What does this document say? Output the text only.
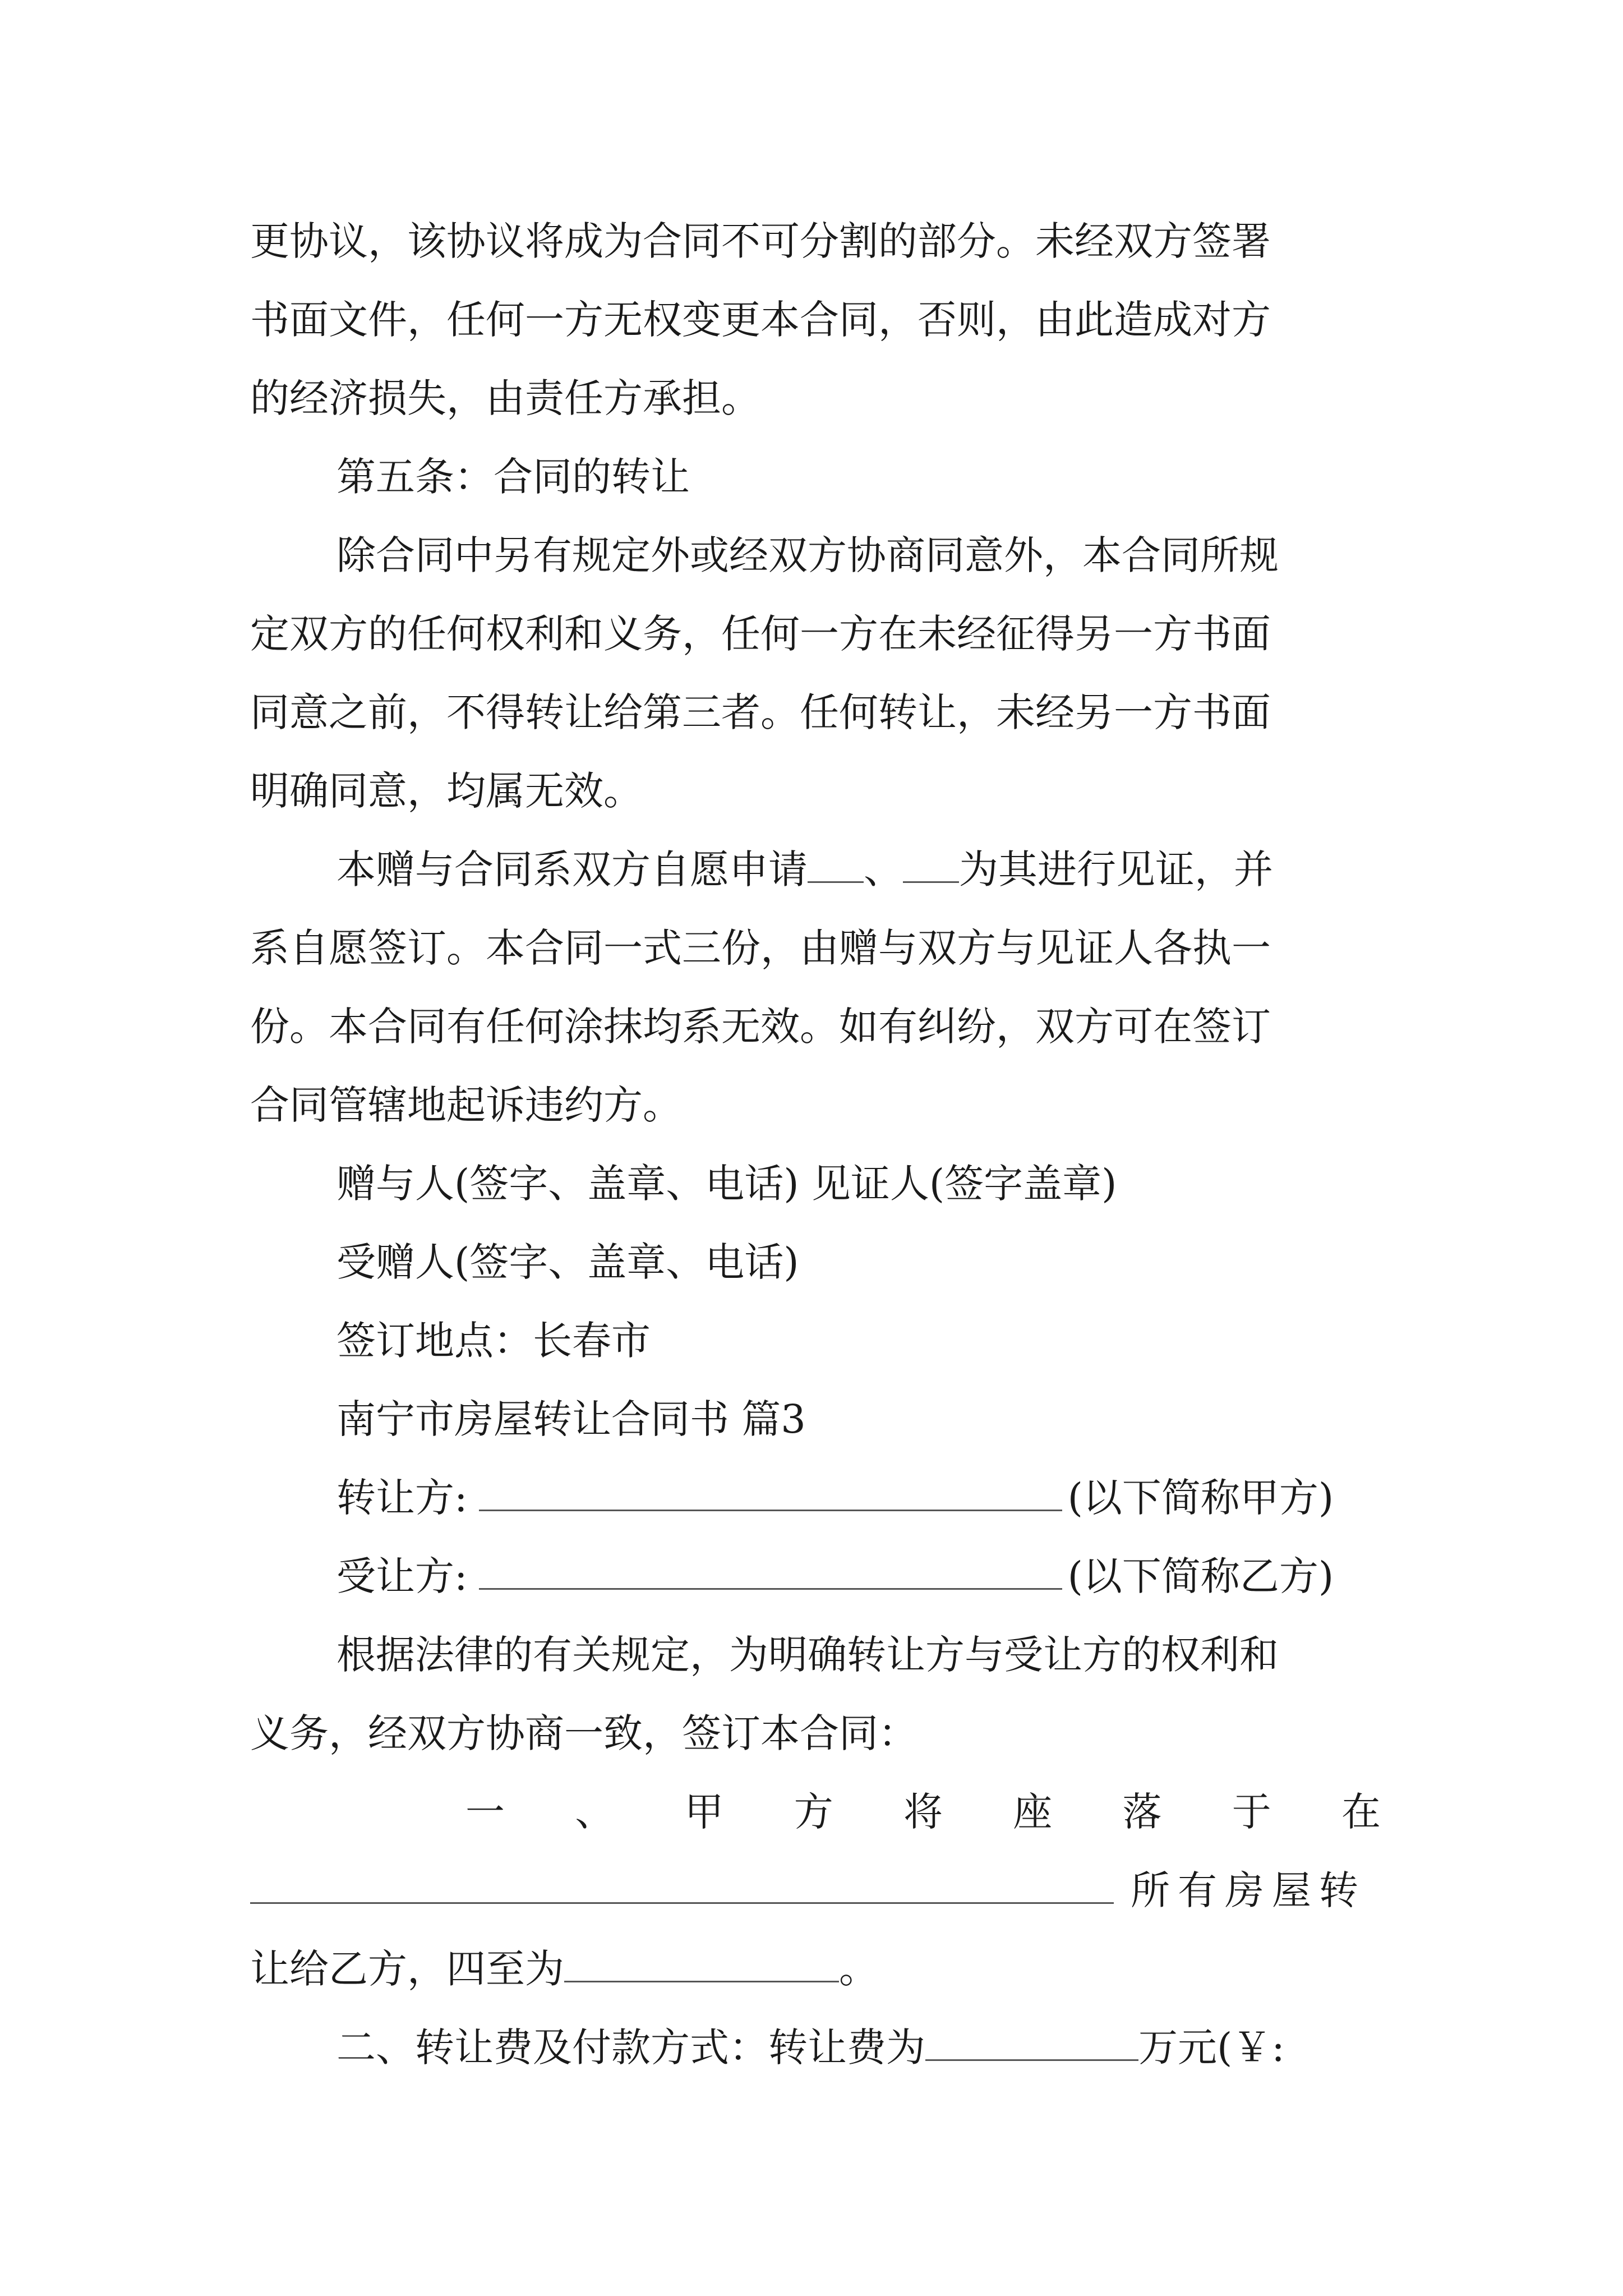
更协议，该协议将成为合同不可分割的部分。未经双方签署
书面文件，任何一方无权变更本合同，否则，由此造成对方
的经济损失，由责任方承担。
第五条：合同的转让
除合同中另有规定外或经双方协商同意外，本合同所规
定双方的任何权利和义务，任何一方在未经征得另一方书面
同意之前，不得转让给第三者。任何转让，未经另一方书面
明确同意，均属无效。
本赠与合同系双方自愿申请 、 为其进行见证，并
系自愿签订。本合同一式三份，由赠与双方与见证人各执一
份。本合同有任何涂抹均系无效。如有纠纷，双方可在签订
合同管辖地起诉违约方。
赠与人(签字、盖章、电话) 见证人(签字盖章)
受赠人(签字、盖章、电话)
签订地点：长春市
南宁市房屋转让合同书 篇3
转让方:	(以下简称甲方)
受让方:	(以下简称乙方)
根据法律的有关规定，为明确转让方与受让方的权利和
义务，经双方协商一致，签订本合同：
一 、 甲 方 将 座 落 于 在
所有房屋转
让给乙方，四至为	。
二、转让费及付款方式：转让费为	万元(￥:
